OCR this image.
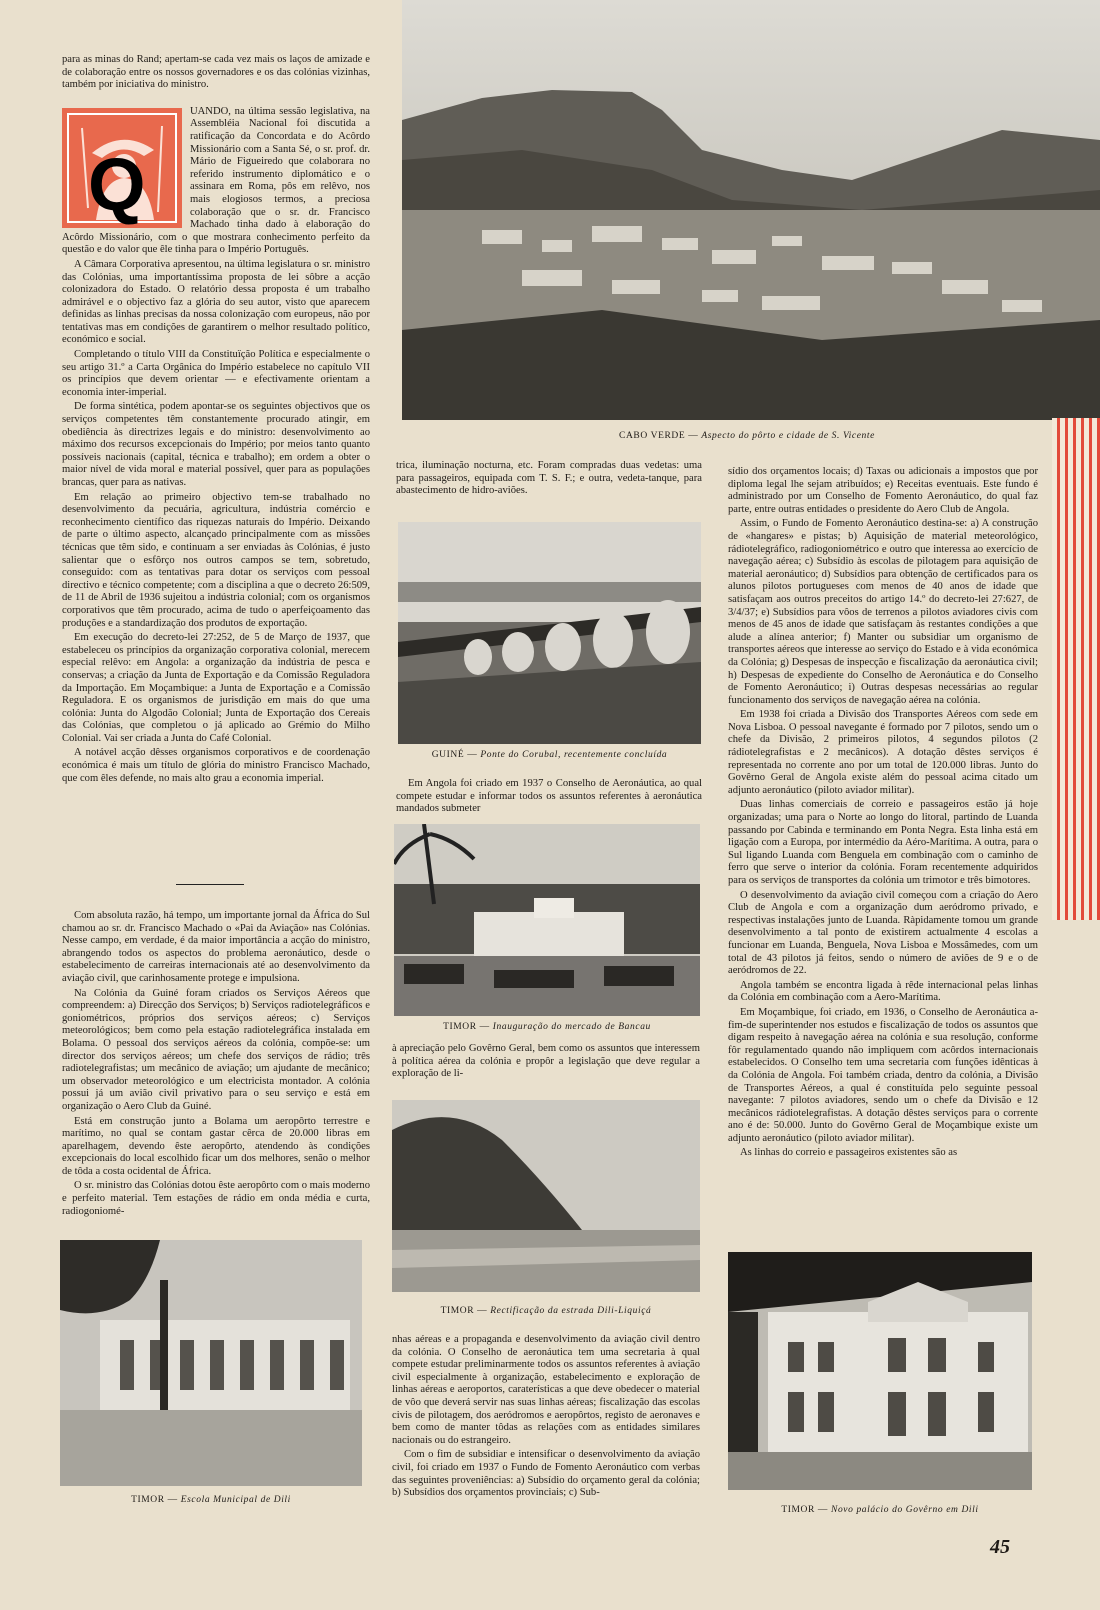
para as minas do Rand; apertam-se cada vez mais os laços de amizade e de colaboração entre os nossos governadores e os das colónias vizinhas, também por iniciativa do ministro.

Q

UANDO, na última sessão legislativa, na Assembléia Nacional foi discutida a ratificação da Concordata e do Acôrdo Missionário com a Santa Sé, o sr. prof. dr. Mário de Figueiredo que colaborara no referido instrumento diplomático e o assinara em Roma, pôs em relêvo, nos mais elogiosos termos, a preciosa colaboração que o sr. dr. Francisco Machado tinha dado à elaboração do Acôrdo Missionário, com o que mostrara conhecimento perfeito da questão e do valor que êle tinha para o Império Português.

A Câmara Corporativa apresentou, na última legislatura o sr. ministro das Colónias, uma importantíssima proposta de lei sôbre a acção colonizadora do Estado. O relatório dessa proposta é um trabalho admirável e o objectivo faz a glória do seu autor, visto que aparecem definidas as linhas precisas da nossa colonização com europeus, não por tentativas mas em condições de garantirem o melhor resultado político, económico e social.

Completando o título VIII da Constituïção Política e especialmente o seu artigo 31.º a Carta Orgânica do Império estabelece no capítulo VII os princípios que devem orientar — e efectivamente orientam a economia inter-imperial.

De forma sintética, podem apontar-se os seguintes objectivos que os serviços competentes têm constantemente procurado atingir, em obediência às directrizes legais e do ministro: desenvolvimento ao máximo dos recursos excepcionais do Império; por meios tanto quanto possíveis nacionais (capital, técnica e trabalho); em ordem a obter o maior nível de vida moral e material possível, quer para as populações brancas, quer para as nativas.

Em relação ao primeiro objectivo tem-se trabalhado no desenvolvimento da pecuária, agricultura, indústria comércio e reconhecimento científico das riquezas naturais do Império. Deixando de parte o último aspecto, alcançado principalmente com as missões técnicas que têm sido, e continuam a ser enviadas às Colónias, é justo salientar que o esfôrço nos outros campos se tem, sobretudo, conseguido: com as tentativas para dotar os serviços com pessoal directivo e técnico competente; com a disciplina a que o decreto 26:509, de 11 de Abril de 1936 sujeitou a indústria colonial; com os organismos corporativos que têm procurado, acima de tudo o aperfeiçoamento das produções e a standardização dos produtos de exportação.

Em execução do decreto-lei 27:252, de 5 de Março de 1937, que estabeleceu os princípios da organização corporativa colonial, merecem especial relêvo: em Angola: a organização da indústria de pesca e conservas; a criação da Junta de Exportação e da Comissão Reguladora da Importação. Em Moçambique: a Junta de Exportação e a Comissão Reguladora. E os organismos de jurisdição em mais do que uma colónia: Junta do Algodão Colonial; Junta de Exportação dos Cereais das Colónias, que completou o já aplicado ao Grémio do Milho Colonial. Vai ser criada a Junta do Café Colonial.

A notável acção dêsses organismos corporativos e de coordenação económica é mais um título de glória do ministro Francisco Machado, que com êles defende, no mais alto grau a economia imperial.

Com absoluta razão, há tempo, um importante jornal da África do Sul chamou ao sr. dr. Francisco Machado o «Pai da Aviação» nas Colónias. Nesse campo, em verdade, é da maior importância a acção do ministro, abrangendo todos os aspectos do problema aeronáutico, desde o estabelecimento de carreiras internacionais até ao desenvolvimento da aviação civil, que carinhosamente protege e impulsiona.

Na Colónia da Guiné foram criados os Serviços Aéreos que compreendem: a) Direcção dos Serviços; b) Serviços radiotelegráficos e goniométricos, próprios dos serviços aéreos; c) Serviços meteorológicos; bem como pela estação radiotelegráfica instalada em Bolama. O pessoal dos serviços aéreos da colónia, compõe-se: um director dos serviços aéreos; um chefe dos serviços de rádio; três radiotelegrafistas; um mecânico de aviação; um ajudante de mecânico; um observador meteorológico e um electricista montador. A colónia possui já um avião civil privativo para o seu serviço e está em organização o Aero Club da Guiné.

Está em construção junto a Bolama um aeropôrto terrestre e marítimo, no qual se contam gastar cêrca de 20.000 libras em aparelhagem, devendo êste aeropôrto, atendendo às condições excepcionais do local escolhido ficar um dos melhores, senão o melhor de tôda a costa ocidental de África.

O sr. ministro das Colónias dotou êste aeropôrto com o mais moderno e perfeito material. Tem estações de rádio em onda média e curta, radiogoniomé-

CABO VERDE — Aspecto do pôrto e cidade de S. Vicente

trica, iluminação nocturna, etc. Foram compradas duas vedetas: uma para passageiros, equipada com T. S. F.; e outra, vedeta-tanque, para abastecimento de hidro-aviões.

GUINÉ — Ponte do Corubal, recentemente concluída

Em Angola foi criado em 1937 o Conselho de Aeronáutica, ao qual compete estudar e informar todos os assuntos referentes à aeronáutica mandados submeter

TIMOR — Inauguração do mercado de Bancau

à apreciação pelo Govêrno Geral, bem como os assuntos que interessem à política aérea da colónia e propôr a legislação que deve regular a exploração de li-

TIMOR — Rectificação da estrada Dili-Liquiçá

nhas aéreas e a propaganda e desenvolvimento da aviação civil dentro da colónia. O Conselho de aeronáutica tem uma secretaria à qual compete estudar preliminarmente todos os assuntos referentes à aviação civil especialmente à organização, estabelecimento e exploração de linhas aéreas e aeroportos, caraterísticas a que deve obedecer o material de vôo que deverá servir nas suas linhas aéreas; fiscalização das escolas civis de pilotagem, dos aeródromos e aeropôrtos, registo de aeronaves e bem como de manter tôdas as relações com as entidades similares nacionais ou do estrangeiro.

Com o fim de subsidiar e intensificar o desenvolvimento da aviação civil, foi criado em 1937 o Fundo de Fomento Aeronáutico com verbas das seguintes proveniências: a) Subsídio do orçamento geral da colónia; b) Subsídios dos orçamentos provinciais; c) Sub-

sídio dos orçamentos locais; d) Taxas ou adicionais a impostos que por diploma legal lhe sejam atribuídos; e) Receitas eventuais. Este fundo é administrado por um Conselho de Fomento Aeronáutico, do qual faz parte, entre outras entidades o presidente do Aero Club de Angola.

Assim, o Fundo de Fomento Aeronáutico destina-se: a) A construção de «hangares» e pistas; b) Aquisição de material meteorológico, rádiotelegráfico, radiogoniométrico e outro que interessa ao exercício de navegação aérea; c) Subsídio às escolas de pilotagem para aquisição de material aeronáutico; d) Subsídios para obtenção de certificados para os alunos pilotos portugueses com menos de 40 anos de idade que satisfaçam aos outros preceitos do artigo 14.º do decreto-lei 27:627, de 3/4/37; e) Subsídios para vôos de terrenos a pilotos aviadores civis com menos de 45 anos de idade que satisfaçam às restantes condições a que alude a alínea anterior; f) Manter ou subsidiar um organismo de transportes aéreos que interesse ao serviço do Estado e à vida económica da Colónia; g) Despesas de inspecção e fiscalização da aeronáutica civil; h) Despesas de expediente do Conselho de Aeronáutica e do Conselho de Fomento Aeronáutico; i) Outras despesas necessárias ao regular funcionamento dos serviços de navegação aérea na colónia.

Em 1938 foi criada a Divisão dos Transportes Aéreos com sede em Nova Lisboa. O pessoal navegante é formado por 7 pilotos, sendo um o chefe da Divisão, 2 primeiros pilotos, 4 segundos pilotos (2 rádiotelegrafistas e 2 mecânicos). A dotação dêstes serviços é representada no corrente ano por um total de 120.000 libras. Junto do Govêrno Geral de Angola existe além do pessoal acima citado um adjunto aeronáutico (piloto aviador militar).

Duas linhas comerciais de correio e passageiros estão já hoje organizadas; uma para o Norte ao longo do litoral, partindo de Luanda passando por Cabinda e terminando em Ponta Negra. Esta linha está em ligação com a Europa, por intermédio da Aéro-Marítima. A outra, para o Sul ligando Luanda com Benguela em combinação com o caminho de ferro que serve o interior da colónia. Foram recentemente adquiridos para os serviços de transportes da colónia um trimotor e três bimotores.

O desenvolvimento da aviação civil começou com a criação do Aero Club de Angola e com a organização dum aeródromo privado, e respectivas instalações junto de Luanda. Ràpidamente tomou um grande desenvolvimento a tal ponto de existirem actualmente 4 escolas a funcionar em Luanda, Benguela, Nova Lisboa e Mossâmedes, com um total de 43 pilotos já feitos, sendo o número de aviões de 9 e o de aeródromos de 22.

Angola também se encontra ligada à rêde internacional pelas linhas da Colónia em combinação com a Aero-Marítima.

Em Moçambique, foi criado, em 1936, o Conselho de Aeronáutica a-fim-de superintender nos estudos e fiscalização de todos os assuntos que digam respeito à navegação aérea na colónia e sua resolução, conforme fôr regulamentado quando não impliquem com acôrdos internacionais estabelecidos. O Conselho tem uma secretaria com funções idênticas à da Colónia de Angola. Foi também criada, dentro da colónia, a Divisão de Transportes Aéreos, a qual é constituída pelo seguinte pessoal navegante: 7 pilotos aviadores, sendo um o chefe da Divisão e 12 mecânicos rádiotelegrafistas. A dotação dêstes serviços para o corrente ano é de: 50.000. Junto do Govêrno Geral de Moçambique existe um adjunto aeronáutico (piloto aviador militar).

As linhas do correio e passageiros existentes são as

TIMOR — Escola Municipal de Dili
TIMOR — Novo palácio do Govêrno em Dili
45
